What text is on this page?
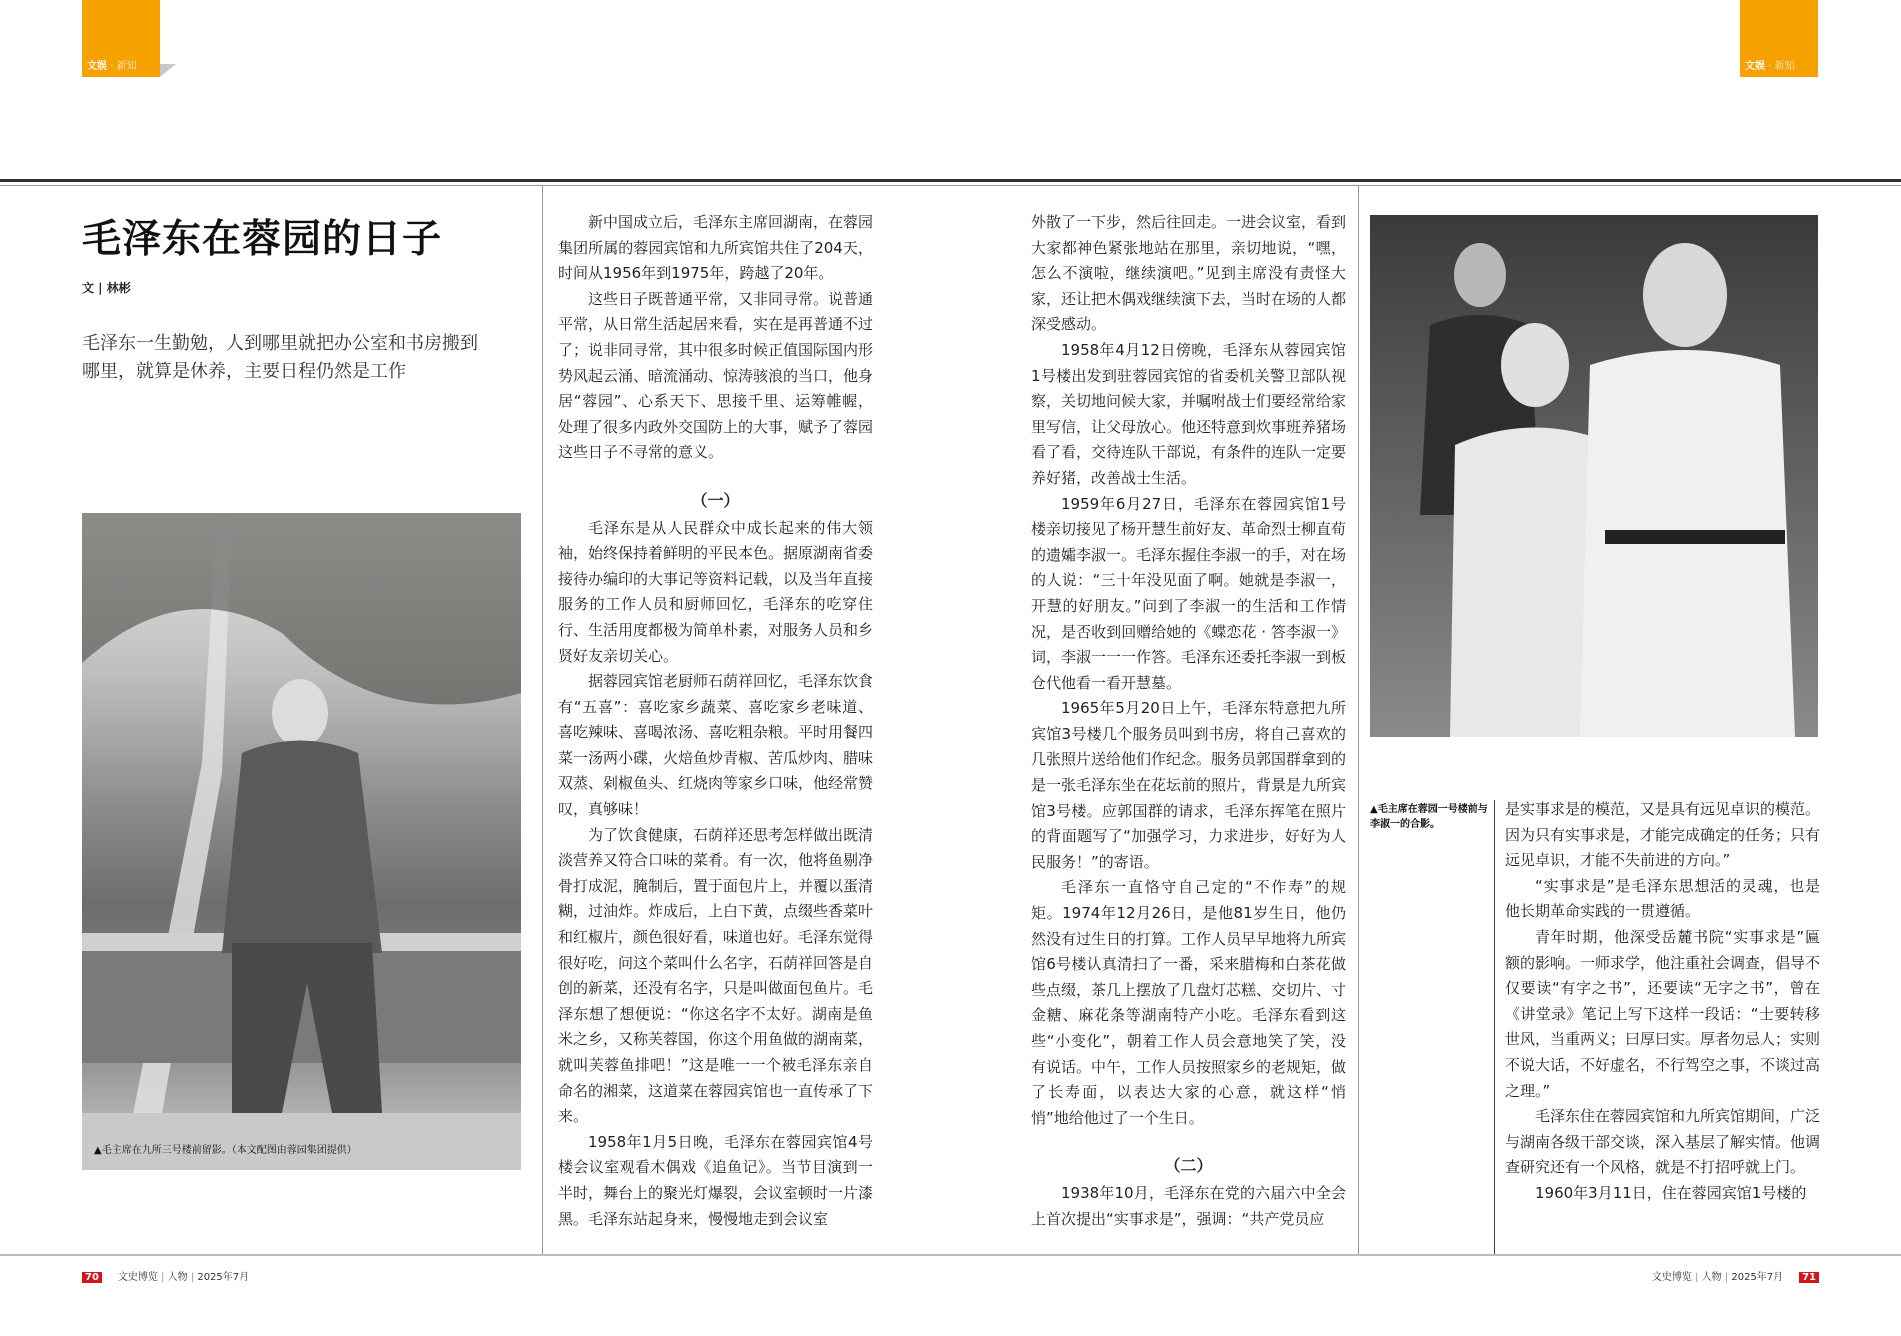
文娱 · 新知	文娱 · 新知
毛泽东在蓉园的日子
文 | 林彬
毛泽东一生勤勉，人到哪里就把办公室和书房搬到哪里，就算是休养，主要日程仍然是工作
▲毛主席在九所三号楼前留影。（本文配图由蓉园集团提供）
▲毛主席在蓉园一号楼前与李淑一的合影。

新中国成立后，毛泽东主席回湖南，在蓉园集团所属的蓉园宾馆和九所宾馆共住了204天，时间从1956年到1975年，跨越了20年。

这些日子既普通平常，又非同寻常。说普通平常，从日常生活起居来看，实在是再普通不过了；说非同寻常，其中很多时候正值国际国内形势风起云涌、暗流涌动、惊涛骇浪的当口，他身居“蓉园”、心系天下、思接千里、运筹帷幄，处理了很多内政外交国防上的大事，赋予了蓉园这些日子不寻常的意义。

（一）

毛泽东是从人民群众中成长起来的伟大领袖，始终保持着鲜明的平民本色。据原湖南省委接待办编印的大事记等资料记载，以及当年直接服务的工作人员和厨师回忆，毛泽东的吃穿住行、生活用度都极为简单朴素，对服务人员和乡贤好友亲切关心。

据蓉园宾馆老厨师石荫祥回忆，毛泽东饮食有“五喜”：喜吃家乡蔬菜、喜吃家乡老味道、喜吃辣味、喜喝浓汤、喜吃粗杂粮。平时用餐四菜一汤两小碟，火焙鱼炒青椒、苦瓜炒肉、腊味双蒸、剁椒鱼头、红烧肉等家乡口味，他经常赞叹，真够味！

为了饮食健康，石荫祥还思考怎样做出既清淡营养又符合口味的菜肴。有一次，他将鱼剔净骨打成泥，腌制后，置于面包片上，并覆以蛋清糊，过油炸。炸成后，上白下黄，点缀些香菜叶和红椒片，颜色很好看，味道也好。毛泽东觉得很好吃，问这个菜叫什么名字，石荫祥回答是自创的新菜，还没有名字，只是叫做面包鱼片。毛泽东想了想便说：“你这名字不太好。湖南是鱼米之乡，又称芙蓉国，你这个用鱼做的湖南菜，就叫芙蓉鱼排吧！”这是唯一一个被毛泽东亲自命名的湘菜，这道菜在蓉园宾馆也一直传承了下来。

1958年1月5日晚，毛泽东在蓉园宾馆4号楼会议室观看木偶戏《追鱼记》。当节目演到一半时，舞台上的聚光灯爆裂，会议室顿时一片漆黑。毛泽东站起身来，慢慢地走到会议室

外散了一下步，然后往回走。一进会议室，看到大家都神色紧张地站在那里，亲切地说，“嘿，怎么不演啦，继续演吧。”见到主席没有责怪大家，还让把木偶戏继续演下去，当时在场的人都深受感动。

1958年4月12日傍晚，毛泽东从蓉园宾馆1号楼出发到驻蓉园宾馆的省委机关警卫部队视察，关切地问候大家，并嘱咐战士们要经常给家里写信，让父母放心。他还特意到炊事班养猪场看了看，交待连队干部说，有条件的连队一定要养好猪，改善战士生活。

1959年6月27日，毛泽东在蓉园宾馆1号楼亲切接见了杨开慧生前好友、革命烈士柳直荀的遗孀李淑一。毛泽东握住李淑一的手，对在场的人说：“三十年没见面了啊。她就是李淑一，开慧的好朋友。”问到了李淑一的生活和工作情况，是否收到回赠给她的《蝶恋花 · 答李淑一》词，李淑一一一作答。毛泽东还委托李淑一到板仓代他看一看开慧墓。

1965年5月20日上午，毛泽东特意把九所宾馆3号楼几个服务员叫到书房，将自己喜欢的几张照片送给他们作纪念。服务员郭国群拿到的是一张毛泽东坐在花坛前的照片，背景是九所宾馆3号楼。应郭国群的请求，毛泽东挥笔在照片的背面题写了“加强学习，力求进步，好好为人民服务！”的寄语。

毛泽东一直恪守自己定的“不作寿”的规矩。1974年12月26日，是他81岁生日，他仍然没有过生日的打算。工作人员早早地将九所宾馆6号楼认真清扫了一番，采来腊梅和白茶花做些点缀，茶几上摆放了几盘灯芯糕、交切片、寸金糖、麻花条等湖南特产小吃。毛泽东看到这些“小变化”，朝着工作人员会意地笑了笑，没有说话。中午，工作人员按照家乡的老规矩，做了长寿面，以表达大家的心意，就这样“悄悄”地给他过了一个生日。

（二）

1938年10月，毛泽东在党的六届六中全会上首次提出“实事求是”，强调：“共产党员应

是实事求是的模范，又是具有远见卓识的模范。因为只有实事求是，才能完成确定的任务；只有远见卓识，才能不失前进的方向。”

“实事求是”是毛泽东思想活的灵魂，也是他长期革命实践的一贯遵循。

青年时期，他深受岳麓书院“实事求是”匾额的影响。一师求学，他注重社会调查，倡导不仅要读“有字之书”，还要读“无字之书”，曾在《讲堂录》笔记上写下这样一段话：“士要转移世风，当重两义；曰厚曰实。厚者勿忌人；实则不说大话，不好虚名，不行驾空之事，不谈过高之理。”

毛泽东住在蓉园宾馆和九所宾馆期间，广泛与湖南各级干部交谈，深入基层了解实情。他调查研究还有一个风格，就是不打招呼就上门。

1960年3月11日，住在蓉园宾馆1号楼的

70 文史博览 | 人物 | 2025年7月	文史博览 | 人物 | 2025年7月 71
